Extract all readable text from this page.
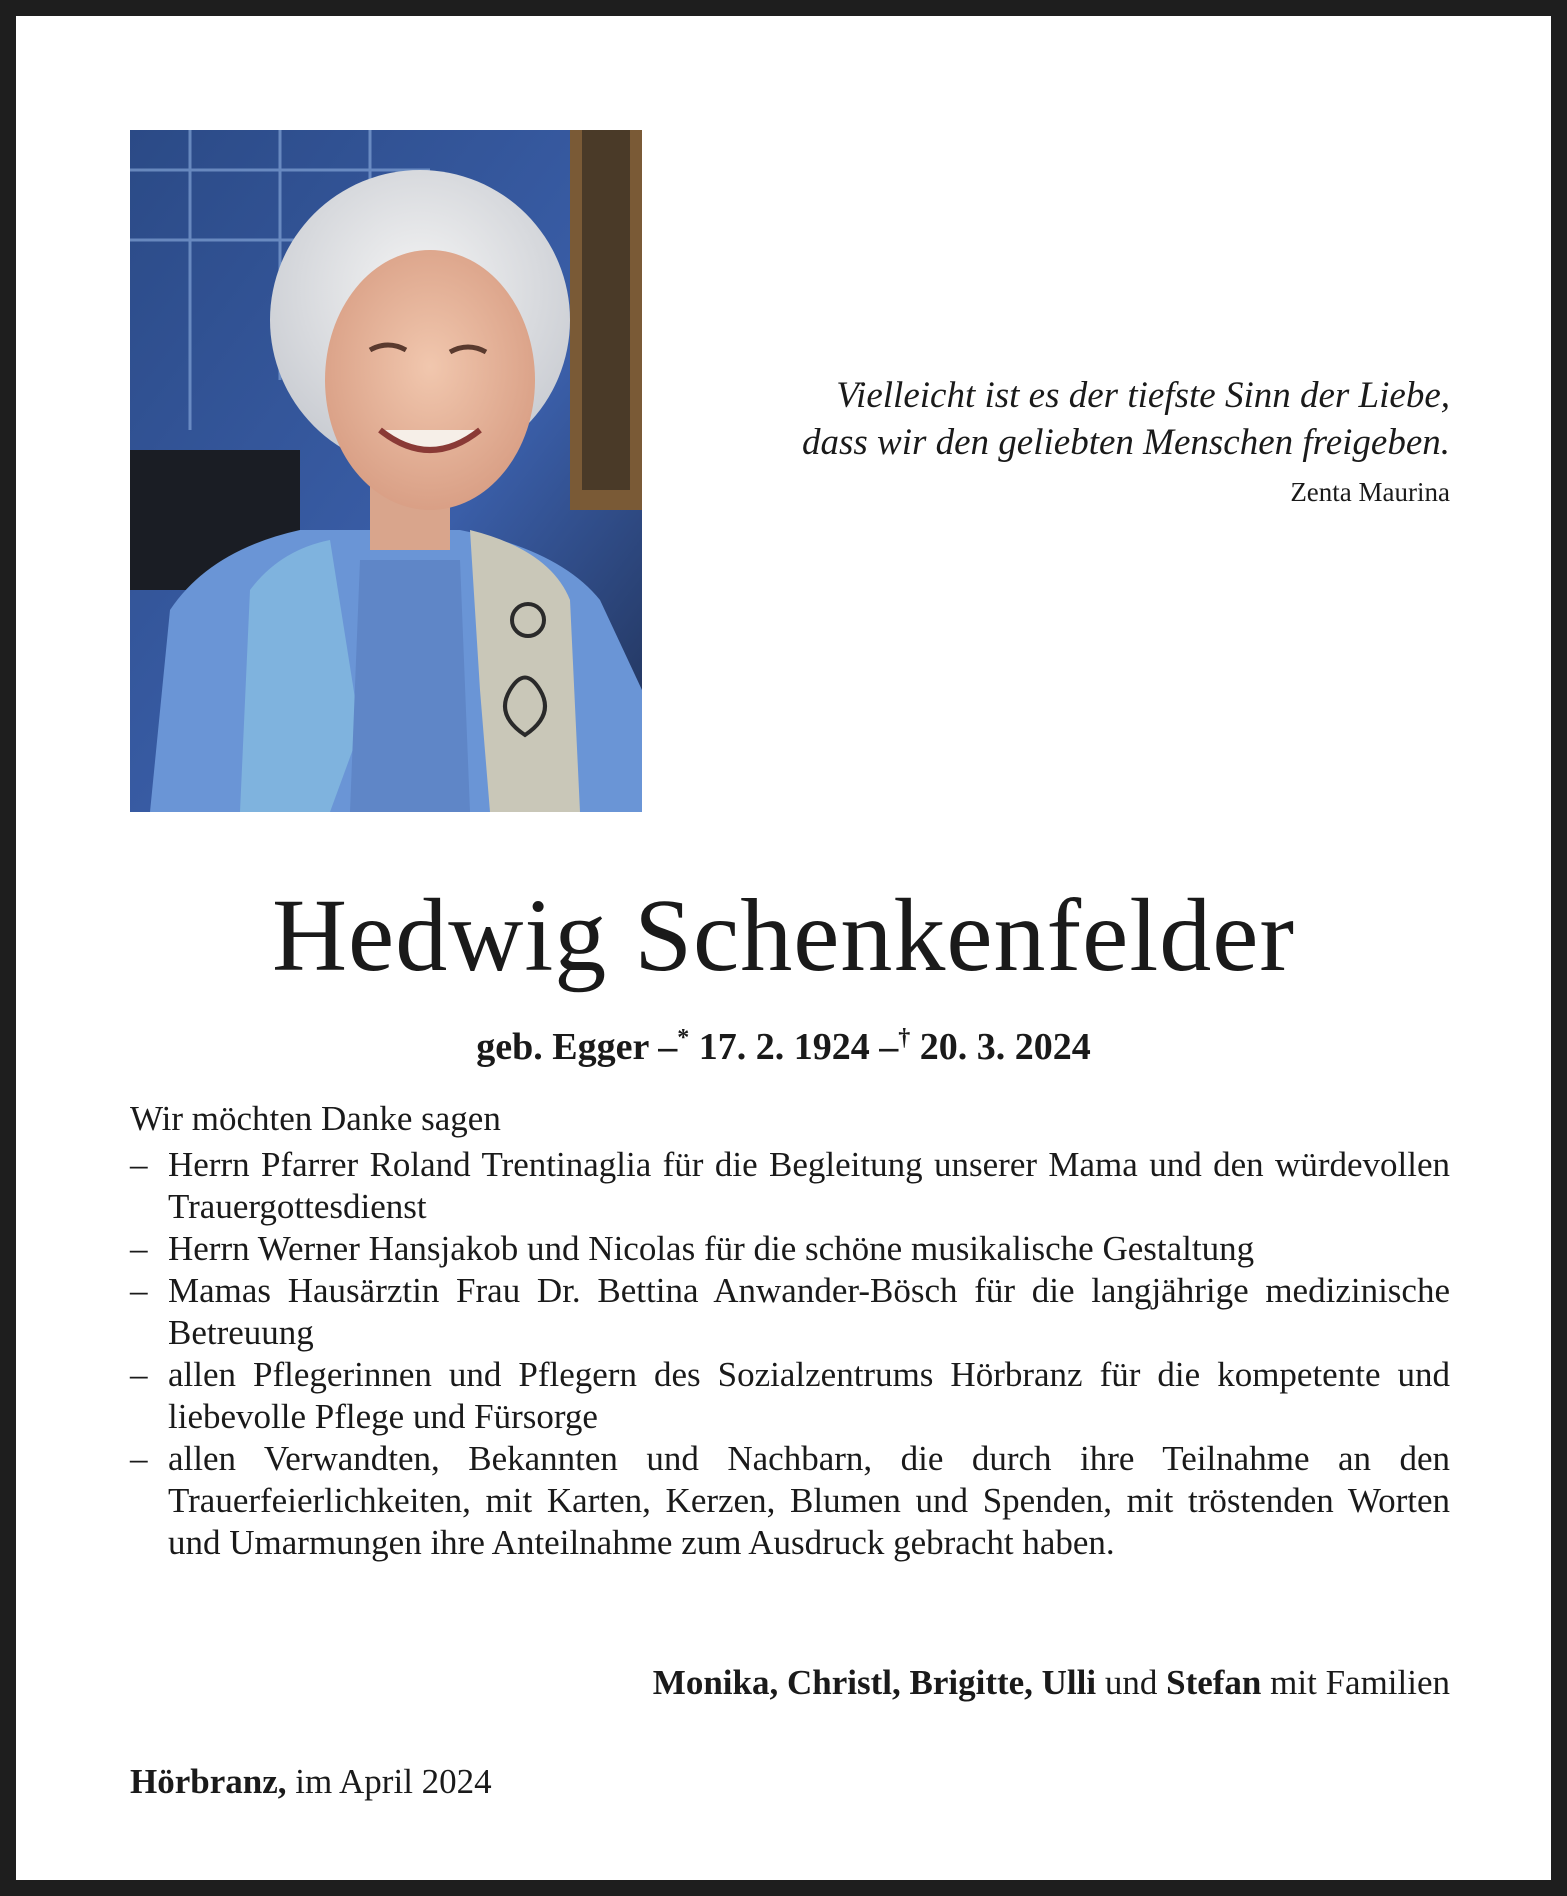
Vielleicht ist es der tiefste Sinn der Liebe,
dass wir den geliebten Menschen freigeben.
Zenta Maurina
Hedwig Schenkenfelder
geb. Egger –* 17. 2. 1924 –† 20. 3. 2024
Wir möchten Danke sagen
– Herrn Pfarrer Roland Trentinaglia für die Begleitung unserer Mama und den würdevollen Trauergottesdienst
– Herrn Werner Hansjakob und Nicolas für die schöne musikalische Gestaltung
– Mamas Hausärztin Frau Dr. Bettina Anwander-Bösch für die langjährige medizinische Betreuung
– allen Pflegerinnen und Pflegern des Sozialzentrums Hörbranz für die kompetente und liebevolle Pflege und Fürsorge
– allen Verwandten, Bekannten und Nachbarn, die durch ihre Teilnahme an den Trauerfeierlichkeiten, mit Karten, Kerzen, Blumen und Spenden, mit tröstenden Worten und Umarmungen ihre Anteilnahme zum Ausdruck gebracht haben.
Monika, Christl, Brigitte, Ulli und Stefan mit Familien
Hörbranz, im April 2024
